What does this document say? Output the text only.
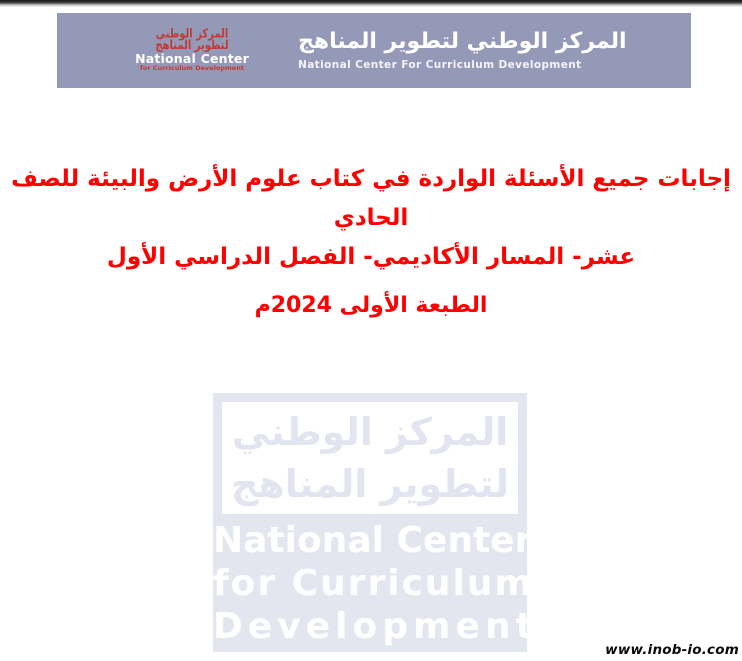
المركز الوطني
لتطوير المناهج
National Center
for Curriculum Development
المركز الوطني لتطوير المناهج
National Center For Curriculum Development
إجابات جميع الأسئلة الواردة في كتاب علوم الأرض والبيئة للصف الحادي
عشر- المسار الأكاديمي- الفصل الدراسي الأول
الطبعة الأولى 2024م
المركز الوطني
لتطوير المناهج
National Center
for Curriculum
Development
www.inob-io.com
